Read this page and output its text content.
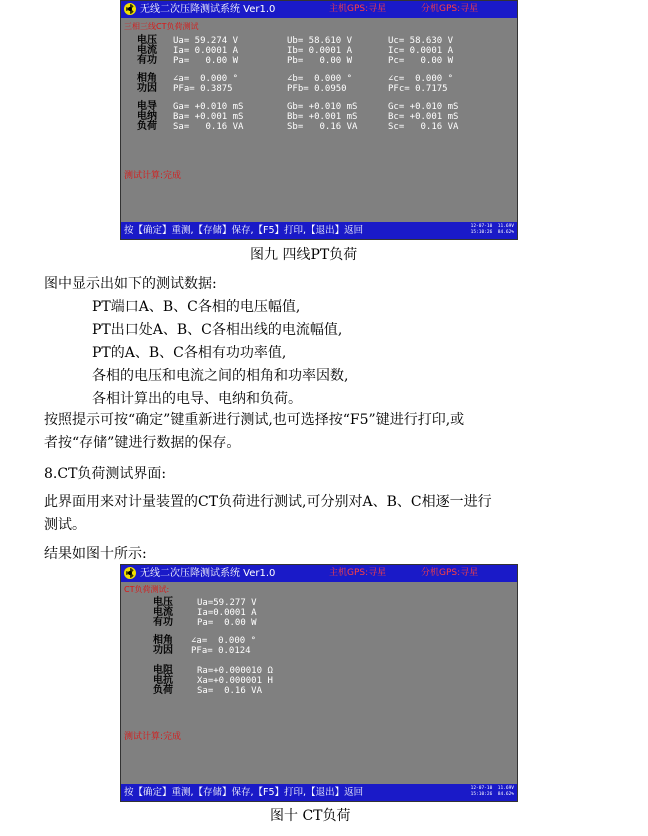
无线二次压降测试系统 Ver1.0	主机GPS:寻星	分机GPS:寻星
三相三线CT负荷测试
电压 Ua= 59.274 V	Ub= 58.610 V	Uc= 58.630 V
电流 Ia= 0.0001 A	Ib= 0.0001 A	Ic= 0.0001 A
有功 Pa=   0.00 W	Pb=   0.00 W	Pc=   0.00 W
相角 ∠a=  0.000 °	∠b=  0.000 °	∠c=  0.000 °
功因 PFa= 0.3875	PFb= 0.0950	PFc= 0.7175
电导 Ga= +0.010 mS	Gb= +0.010 mS	Gc= +0.010 mS
电纳 Ba= +0.001 mS	Bb= +0.001 mS	Bc= +0.001 mS
负荷 Sa=   0.16 VA	Sb=   0.16 VA	Sc=   0.16 VA
测试计算:完成
按【确定】重测,【存储】保存,【F5】打印,【退出】返回	12-07-10  11.69V
15:10:26  84.62%
图九 四线PT负荷
图中显示出如下的测试数据:
PT端口A、B、C各相的电压幅值,
PT出口处A、B、C各相出线的电流幅值,
PT的A、B、C各相有功功率值,
各相的电压和电流之间的相角和功率因数,
各相计算出的电导、电纳和负荷。
按照提示可按“确定”键重新进行测试,也可选择按“F5”键进行打印,或
者按“存储”键进行数据的保存。
8.CT负荷测试界面:
此界面用来对计量装置的CT负荷进行测试,可分别对A、B、C相逐一进行
测试。
结果如图十所示:
无线二次压降测试系统 Ver1.0	主机GPS:寻星	分机GPS:寻星
CT负荷测试:
电压	Ua=59.277 V
电流	Ia=0.0001 A
有功	Pa=  0.00 W
相角 ∠a=  0.000 °
功因 PFa= 0.0124
电阻	Ra=+0.000010 Ω
电抗	Xa=+0.000001 H
负荷	Sa=  0.16 VA
测试计算:完成
按【确定】重测,【存储】保存,【F5】打印,【退出】返回	12-07-10  11.69V
15:10:26  84.62%
图十 CT负荷
